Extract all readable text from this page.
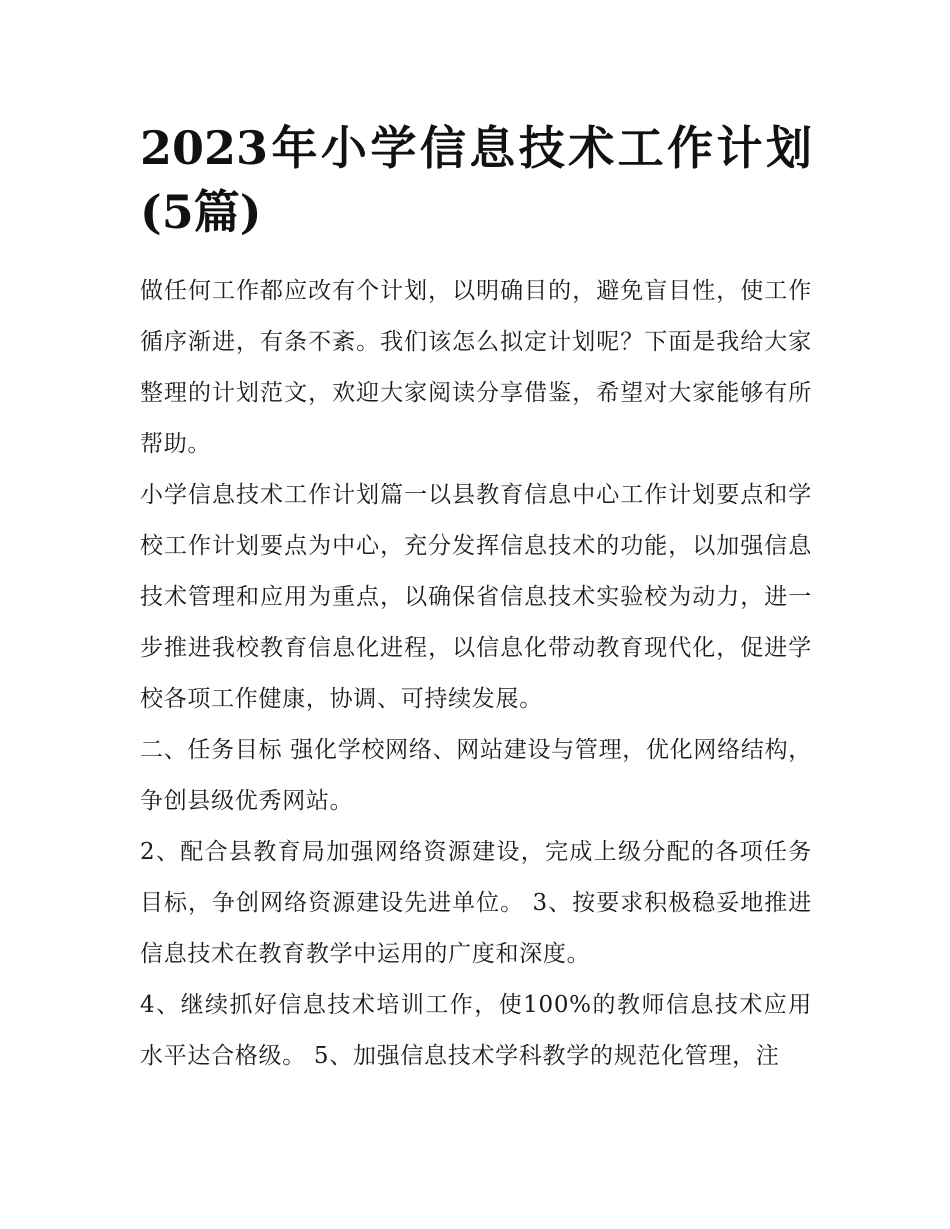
2023年小学信息技术工作计划(5篇)

做任何工作都应改有个计划，以明确目的，避免盲目性，使工作循序渐进，有条不紊。我们该怎么拟定计划呢？下面是我给大家整理的计划范文，欢迎大家阅读分享借鉴，希望对大家能够有所帮助。

小学信息技术工作计划篇一以县教育信息中心工作计划要点和学校工作计划要点为中心，充分发挥信息技术的功能，以加强信息技术管理和应用为重点，以确保省信息技术实验校为动力，进一步推进我校教育信息化进程，以信息化带动教育现代化，促进学校各项工作健康，协调、可持续发展。

二、任务目标 强化学校网络、网站建设与管理，优化网络结构，争创县级优秀网站。

2、配合县教育局加强网络资源建设，完成上级分配的各项任务目标，争创网络资源建设先进单位。 3、按要求积极稳妥地推进信息技术在教育教学中运用的广度和深度。

4、继续抓好信息技术培训工作，使100%的教师信息技术应用水平达合格级。 5、加强信息技术学科教学的规范化管理，注
